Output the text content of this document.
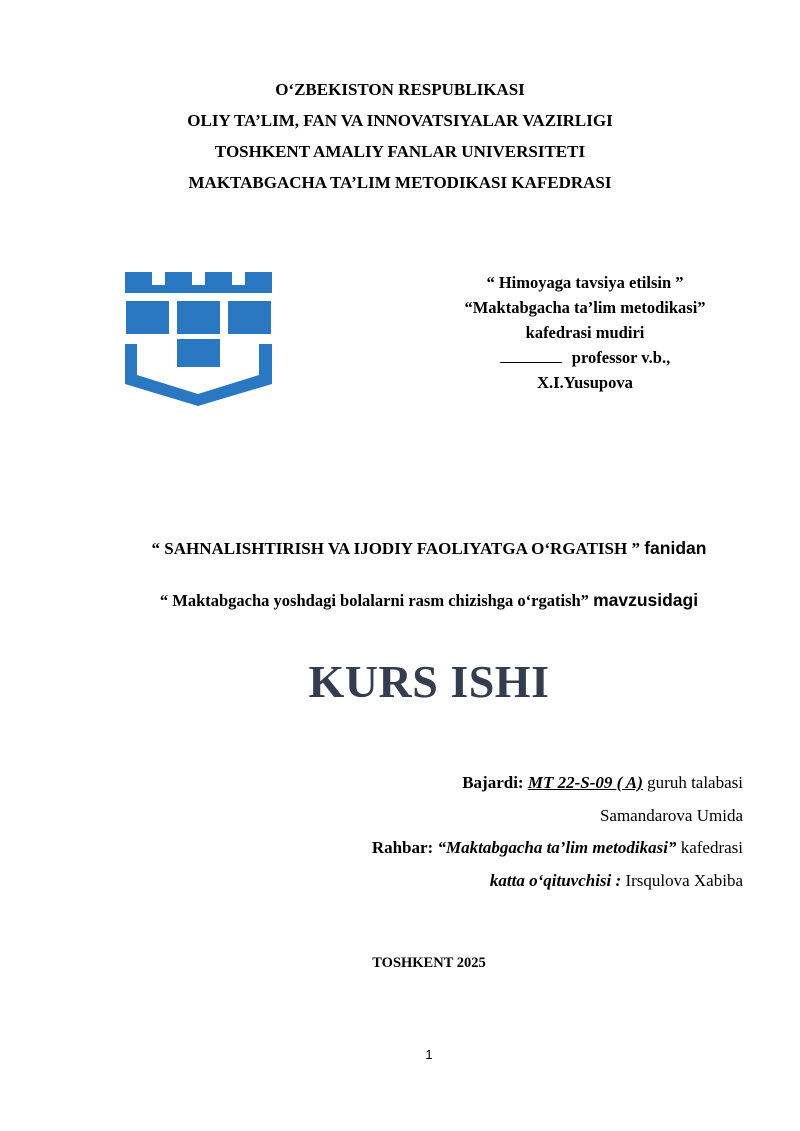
O‘ZBEKISTON RESPUBLIKASI
OLIY TA’LIM, FAN VA INNOVATSIYALAR VAZIRLIGI
TOSHKENT AMALIY FANLAR UNIVERSITETI
MAKTABGACHA TA’LIM METODIKASI KAFEDRASI
“ Himoyaga tavsiya etilsin ”
“Maktabgacha ta’lim metodikasi”
kafedrasi mudiri
professor v.b.,
X.I.Yusupova
“ SAHNALISHTIRISH VA IJODIY FAOLIYATGA O‘RGATISH ” fanidan
“ Maktabgacha yoshdagi bolalarni rasm chizishga o‘rgatish” mavzusidagi
KURS ISHI
Bajardi: MT 22-S-09 ( A) guruh talabasi
Samandarova Umida
Rahbar: “Maktabgacha ta’lim metodikasi” kafedrasi
katta o‘qituvchisi : Irsqulova Xabiba
TOSHKENT 2025
1
